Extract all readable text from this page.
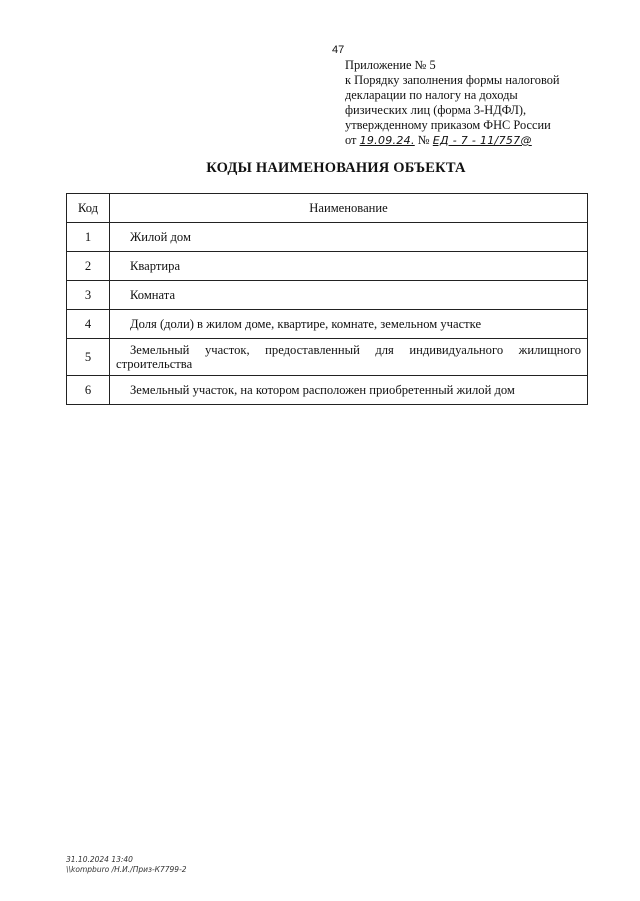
47
Приложение № 5
к Порядку заполнения формы налоговой
декларации по налогу на доходы
физических лиц (форма 3-НДФЛ),
утвержденному приказом ФНС России
от 19.09.24. № ЕД - 7 - 11/757@
КОДЫ НАИМЕНОВАНИЯ ОБЪЕКТА
Код	Наименование
1	Жилой дом
2	Квартира
3	Комната
4	Доля (доли) в жилом доме, квартире, комнате, земельном участке
5	Земельный участок, предоставленный для индивидуального жилищного строительства
6	Земельный участок, на котором расположен приобретенный жилой дом
31.10.2024 13:40
\\kompburo /Н.И./Приз-К7799-2
